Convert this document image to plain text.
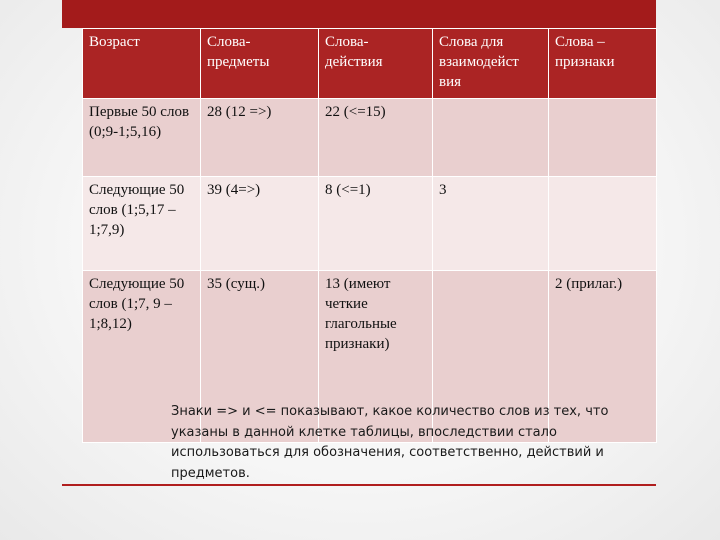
Возраст	Слова-предметы	Слова-действия	Слова для взаимодейст вия	Слова – признаки
Первые 50 слов (0;9-1;5,16)	28 (12 =>)	22 (<=15)		
Следующие 50 слов (1;5,17 – 1;7,9)	39 (4=>)	8 (<=1)	3	
Следующие 50 слов (1;7, 9 – 1;8,12)	35 (сущ.)	13 (имеют четкие глагольные признаки)		2 (прилаг.)
Знаки => и <= показывают, какое количество слов из тех, что указаны в данной клетке таблицы, впоследствии стало использоваться для обозначения, соответственно, действий и предметов.
